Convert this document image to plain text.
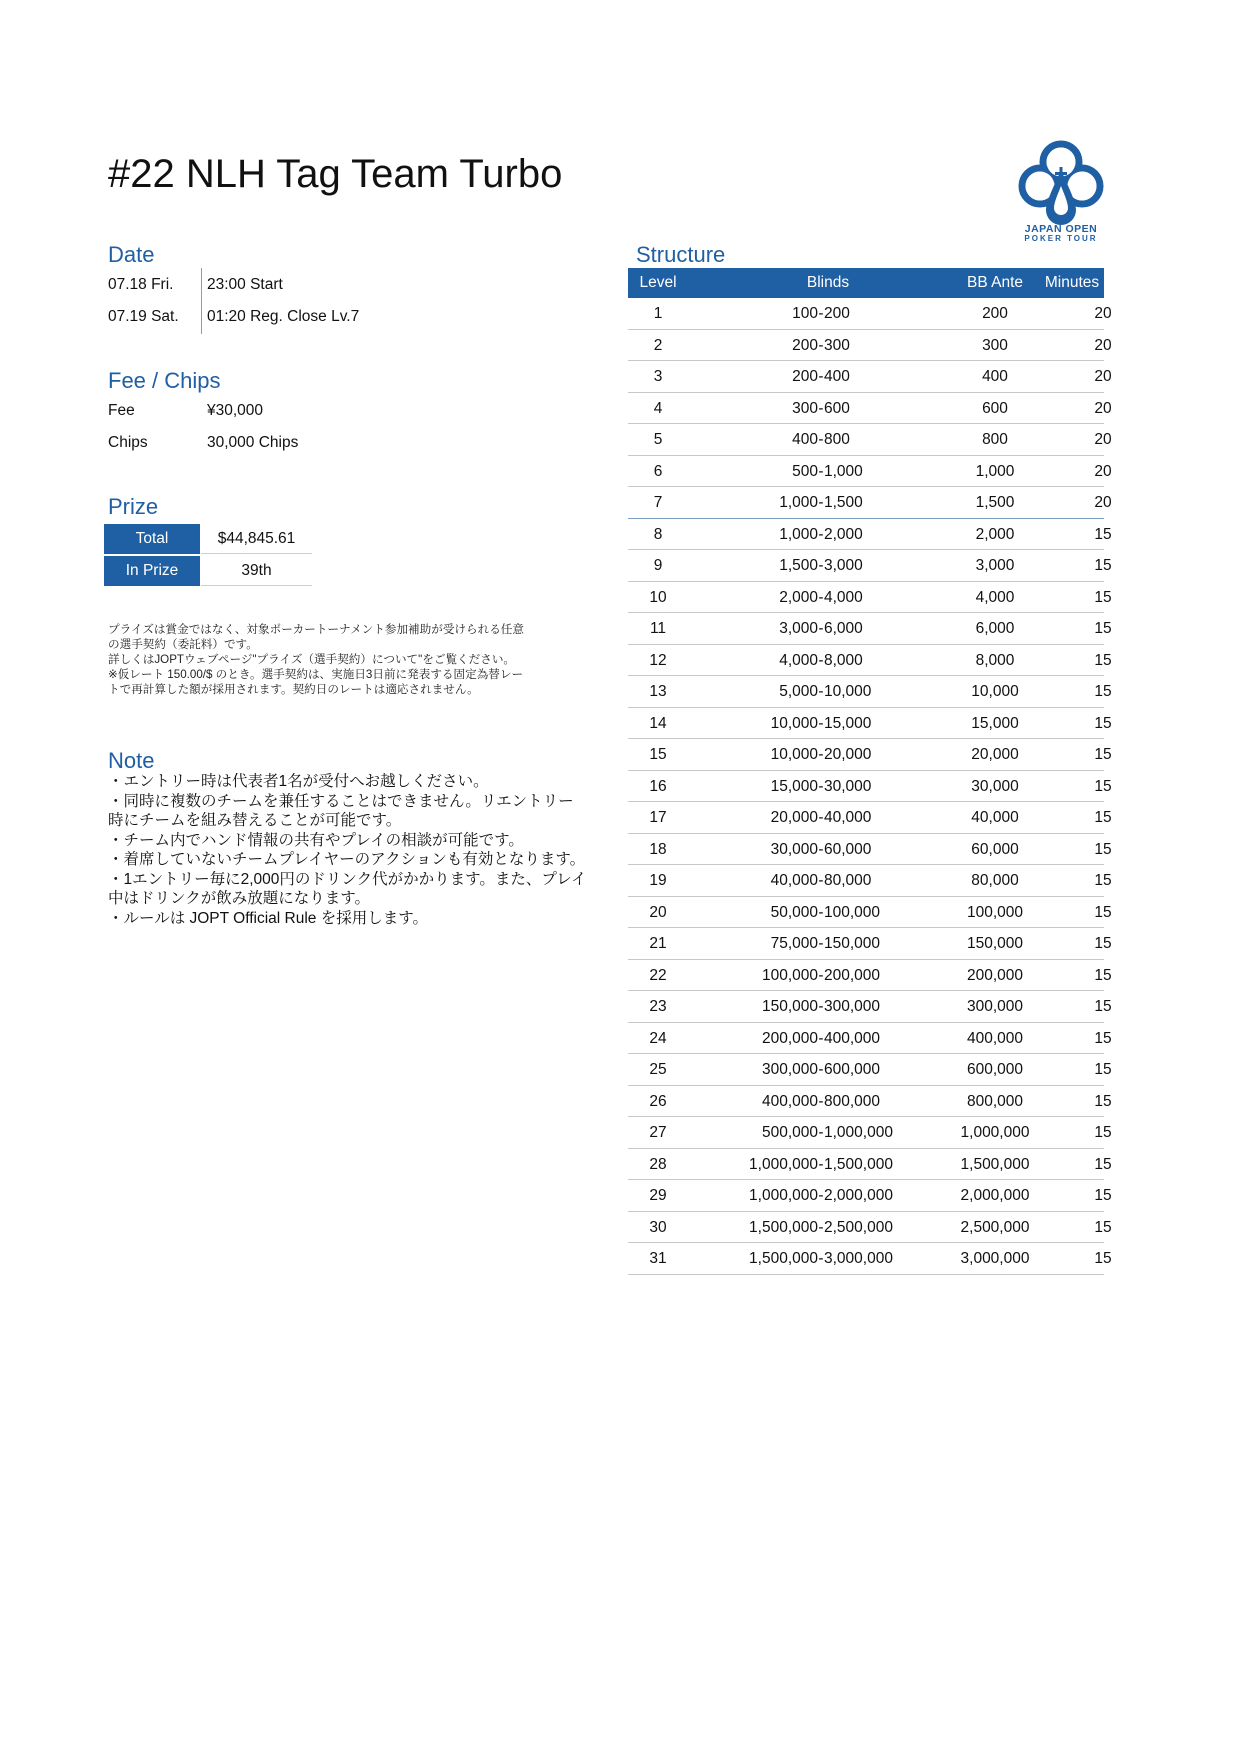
#22 NLH Tag Team Turbo
JAPAN OPEN
POKER TOUR
Date
07.18 Fri. 23:00 Start
07.19 Sat. 01:20 Reg. Close Lv.7
Fee / Chips
Fee	¥30,000
Chips	30,000 Chips
Prize
Total	$44,845.61
In Prize	39th
プライズは賞金ではなく、対象ポーカートーナメント参加補助が受けられる任意
の選手契約（委託料）です。
詳しくはJOPTウェブページ"プライズ（選手契約）について"をご覧ください。
※仮レート 150.00/$ のとき。選手契約は、実施日3日前に発表する固定為替レー
トで再計算した額が採用されます。契約日のレートは適応されません。
Note
・エントリー時は代表者1名が受付へお越しください。
・同時に複数のチームを兼任することはできません。リエントリー時にチームを組み替えることが可能です。
・チーム内でハンド情報の共有やプレイの相談が可能です。
・着席していないチームプレイヤーのアクションも有効となります。
・1エントリー毎に2,000円のドリンク代がかかります。また、プレイ中はドリンクが飲み放題になります。
・ルールは JOPT Official Rule を採用します。
Structure
Level	Blinds	BB Ante	Minutes
1	100 - 200	200	20
2	200 - 300	300	20
3	200 - 400	400	20
4	300 - 600	600	20
5	400 - 800	800	20
6	500 - 1,000	1,000	20
7	1,000 - 1,500	1,500	20
8	1,000 - 2,000	2,000	15
9	1,500 - 3,000	3,000	15
10	2,000 - 4,000	4,000	15
11	3,000 - 6,000	6,000	15
12	4,000 - 8,000	8,000	15
13	5,000 - 10,000	10,000	15
14	10,000 - 15,000	15,000	15
15	10,000 - 20,000	20,000	15
16	15,000 - 30,000	30,000	15
17	20,000 - 40,000	40,000	15
18	30,000 - 60,000	60,000	15
19	40,000 - 80,000	80,000	15
20	50,000 - 100,000	100,000	15
21	75,000 - 150,000	150,000	15
22	100,000 - 200,000	200,000	15
23	150,000 - 300,000	300,000	15
24	200,000 - 400,000	400,000	15
25	300,000 - 600,000	600,000	15
26	400,000 - 800,000	800,000	15
27	500,000 - 1,000,000	1,000,000	15
28	1,000,000 - 1,500,000	1,500,000	15
29	1,000,000 - 2,000,000	2,000,000	15
30	1,500,000 - 2,500,000	2,500,000	15
31	1,500,000 - 3,000,000	3,000,000	15
